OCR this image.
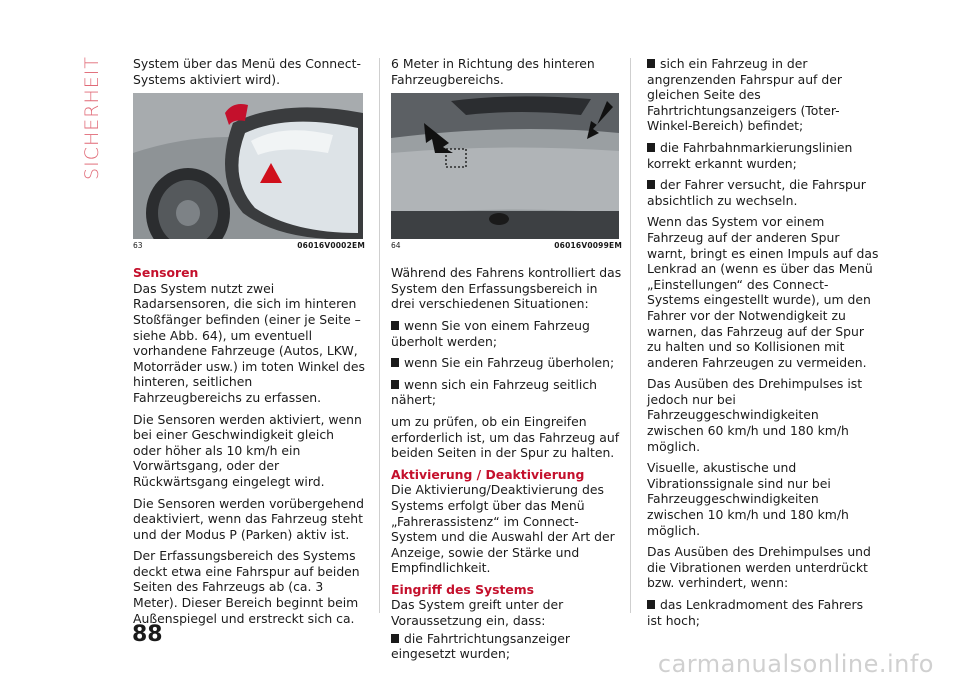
SICHERHEIT System über das Menü des Connect-Systems aktiviert wird).

63	06016V0002EM

Sensoren

Das System nutzt zwei Radarsensoren, die sich im hinteren Stoßfänger befinden (einer je Seite – siehe Abb. 64), um eventuell vorhandene Fahrzeuge (Autos, LKW, Motorräder usw.) im toten Winkel des hinteren, seitlichen Fahrzeugbereichs zu erfassen.

Die Sensoren werden aktiviert, wenn bei einer Geschwindigkeit gleich oder höher als 10 km/h ein Vorwärtsgang, oder der Rückwärtsgang eingelegt wird.

Die Sensoren werden vorübergehend deaktiviert, wenn das Fahrzeug steht und der Modus P (Parken) aktiv ist.

Der Erfassungsbereich des Systems deckt etwa eine Fahrspur auf beiden Seiten des Fahrzeugs ab (ca. 3 Meter). Dieser Bereich beginnt beim Außenspiegel und erstreckt sich ca.

6 Meter in Richtung des hinteren Fahrzeugbereichs.

64	06016V0099EM

Während des Fahrens kontrolliert das System den Erfassungsbereich in drei verschiedenen Situationen:

wenn Sie von einem Fahrzeug überholt werden;

wenn Sie ein Fahrzeug überholen;

wenn sich ein Fahrzeug seitlich nähert;

um zu prüfen, ob ein Eingreifen erforderlich ist, um das Fahrzeug auf beiden Seiten in der Spur zu halten.

Aktivierung / Deaktivierung

Die Aktivierung/Deaktivierung des Systems erfolgt über das Menü „Fahrerassistenz“ im Connect-System und die Auswahl der Art der Anzeige, sowie der Stärke und Empfindlichkeit.

Eingriff des Systems

Das System greift unter der Voraussetzung ein, dass:

die Fahrtrichtungsanzeiger eingesetzt wurden;

sich ein Fahrzeug in der angrenzenden Fahrspur auf der gleichen Seite des Fahrtrichtungsanzeigers (Toter-Winkel-Bereich) befindet;

die Fahrbahnmarkierungslinien korrekt erkannt wurden;

der Fahrer versucht, die Fahrspur absichtlich zu wechseln.

Wenn das System vor einem Fahrzeug auf der anderen Spur warnt, bringt es einen Impuls auf das Lenkrad an (wenn es über das Menü „Einstellungen“ des Connect-Systems eingestellt wurde), um den Fahrer vor der Notwendigkeit zu warnen, das Fahrzeug auf der Spur zu halten und so Kollisionen mit anderen Fahrzeugen zu vermeiden.

Das Ausüben des Drehimpulses ist jedoch nur bei Fahrzeuggeschwindigkeiten zwischen 60 km/h und 180 km/h möglich.

Visuelle, akustische und Vibrationssignale sind nur bei Fahrzeuggeschwindigkeiten zwischen 10 km/h und 180 km/h möglich.

Das Ausüben des Drehimpulses und die Vibrationen werden unterdrückt bzw. verhindert, wenn:

das Lenkradmoment des Fahrers ist hoch;

88
carmanualsonline.info
